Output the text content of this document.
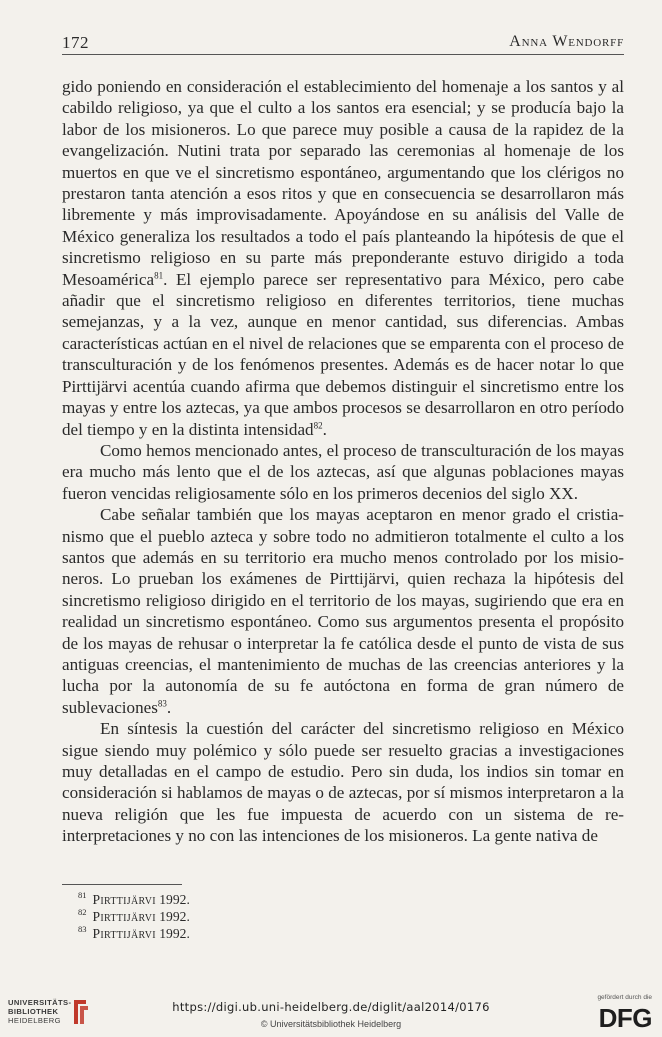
172	Anna Wendorff

gido poniendo en consideración el establecimiento del homenaje a los santos y al cabildo religioso, ya que el culto a los santos era esencial; y se producía bajo la labor de los misioneros. Lo que parece muy posible a causa de la rapidez de la evangelización. Nutini trata por separado las ceremonias al homenaje de los muertos en que ve el sincretismo espontáneo, argumentando que los clérigos no prestaron tanta atención a esos ritos y que en consecuencia se desarrollaron más libremente y más improvisadamente. Apoyándose en su análisis del Valle de México generaliza los resultados a todo el país planteando la hipótesis de que el sincretismo religioso en su parte más preponderante estuvo dirigido a toda Mesoamérica$^{81}$. El ejemplo parece ser representativo para México, pero cabe añadir que el sincretismo religioso en diferentes territorios, tiene muchas semejanzas, y a la vez, aunque en menor cantidad, sus diferencias. Ambas características actúan en el nivel de relaciones que se emparenta con el proceso de transculturación y de los fenómenos presentes. Además es de hacer notar lo que Pirttijärvi acentúa cuando afirma que debemos distinguir el sincretismo entre los mayas y entre los aztecas, ya que ambos procesos se desarrollaron en otro período del tiempo y en la distinta intensidad$^{82}$.

Como hemos mencionado antes, el proceso de transculturación de los mayas era mucho más lento que el de los aztecas, así que algunas poblaciones mayas fueron vencidas religiosamente sólo en los primeros decenios del siglo XX.

Cabe señalar también que los mayas aceptaron en menor grado el cristianismo que el pueblo azteca y sobre todo no admitieron totalmente el culto a los santos que además en su territorio era mucho menos controlado por los misioneros. Lo prueban los exámenes de Pirttijärvi, quien rechaza la hipótesis del sincretismo religioso dirigido en el territorio de los mayas, sugiriendo que era en realidad un sincretismo espontáneo. Como sus argumentos presenta el propósito de los mayas de rehusar o interpretar la fe católica desde el punto de vista de sus antiguas creencias, el mantenimiento de muchas de las creencias anteriores y la lucha por la autonomía de su fe autóctona en forma de gran número de sublevaciones$^{83}$.

En síntesis la cuestión del carácter del sincretismo religioso en México sigue siendo muy polémico y sólo puede ser resuelto gracias a investigaciones muy detalladas en el campo de estudio. Pero sin duda, los indios sin tomar en consideración si hablamos de mayas o de aztecas, por sí mismos interpretaron a la nueva religión que les fue impuesta de acuerdo con un sistema de reinterpretaciones y no con las intenciones de los misioneros. La gente nativa de

$^{81}$ Pirttijärvi 1992.
$^{82}$ Pirttijärvi 1992.
$^{83}$ Pirttijärvi 1992.
UNIVERSITÄTS-
BIBLIOTHEK
HEIDELBERG
https://digi.ub.uni-heidelberg.de/diglit/aal2014/0176
© Universitätsbibliothek Heidelberg
gefördert durch die
DFG
